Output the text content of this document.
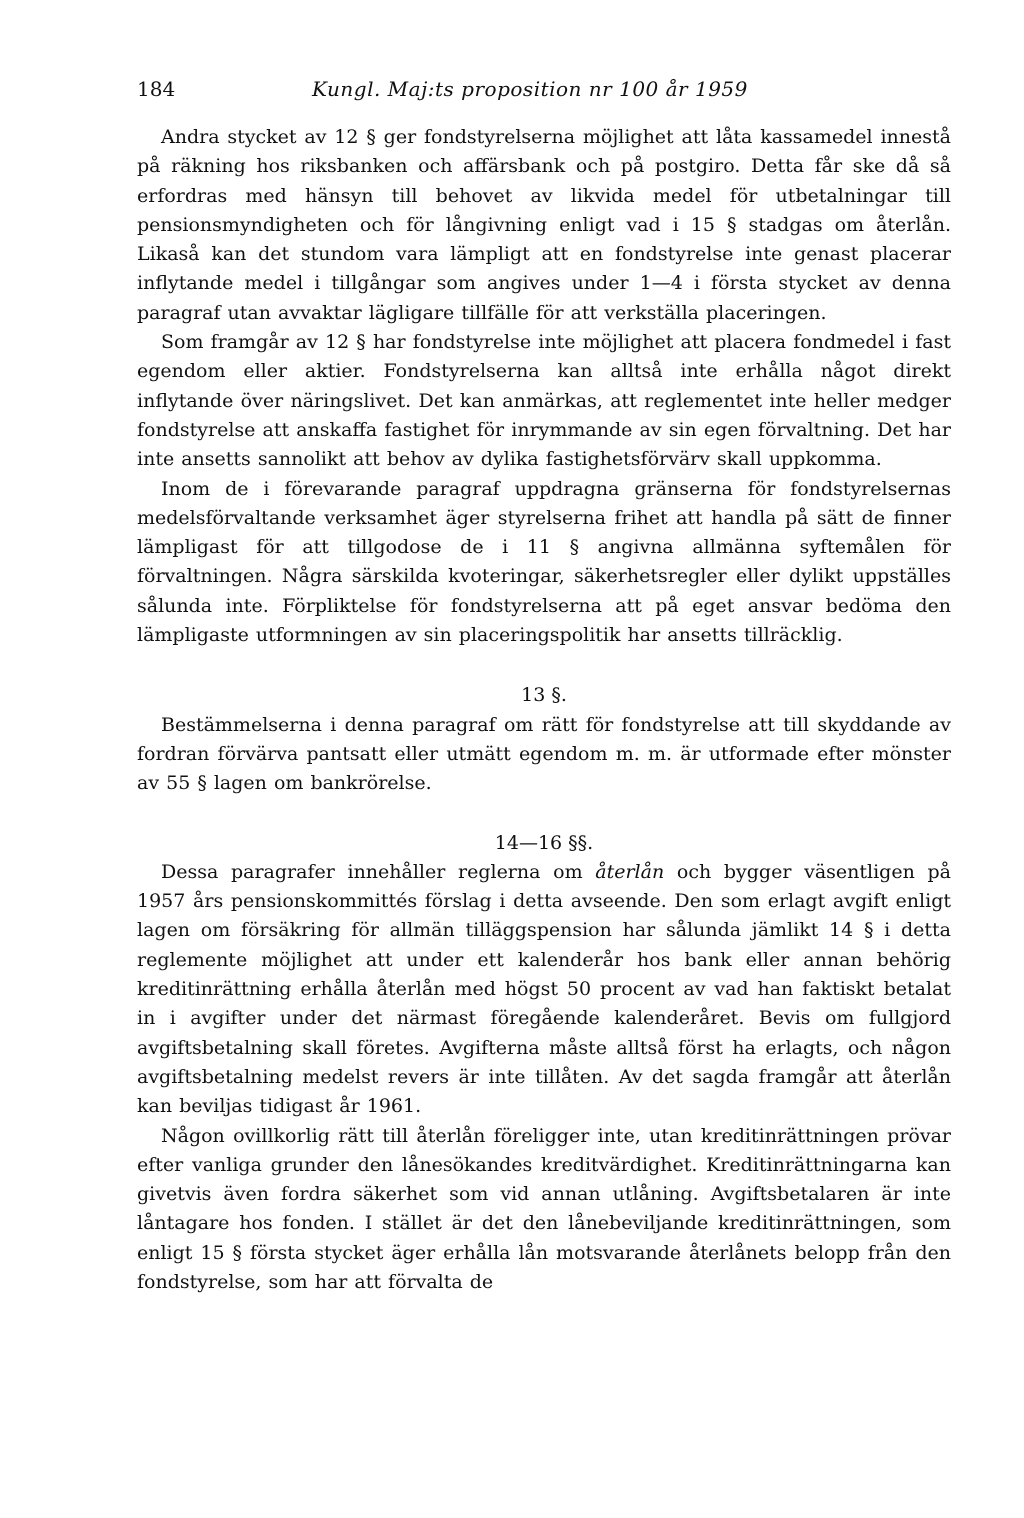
184	Kungl. Maj:ts proposition nr 100 år 1959

Andra stycket av 12 § ger fondstyrelserna möjlighet att låta kassamedel innestå på räkning hos riksbanken och affärsbank och på postgiro. Detta får ske då så erfordras med hänsyn till behovet av likvida medel för utbetalningar till pensionsmyndigheten och för långivning enligt vad i 15 § stadgas om återlån. Likaså kan det stundom vara lämpligt att en fondstyrelse inte genast placerar inflytande medel i tillgångar som angives under 1—4 i första stycket av denna paragraf utan avvaktar lägligare tillfälle för att verkställa placeringen.

Som framgår av 12 § har fondstyrelse inte möjlighet att placera fondmedel i fast egendom eller aktier. Fondstyrelserna kan alltså inte erhålla något direkt inflytande över näringslivet. Det kan anmärkas, att reglementet inte heller medger fondstyrelse att anskaffa fastighet för inrymmande av sin egen förvaltning. Det har inte ansetts sannolikt att behov av dylika fastighetsförvärv skall uppkomma.

Inom de i förevarande paragraf uppdragna gränserna för fondstyrelsernas medelsförvaltande verksamhet äger styrelserna frihet att handla på sätt de finner lämpligast för att tillgodose de i 11 § angivna allmänna syftemålen för förvaltningen. Några särskilda kvoteringar, säkerhetsregler eller dylikt uppställes sålunda inte. Förpliktelse för fondstyrelserna att på eget ansvar bedöma den lämpligaste utformningen av sin placeringspolitik har ansetts tillräcklig.

13 §.

Bestämmelserna i denna paragraf om rätt för fondstyrelse att till skyddande av fordran förvärva pantsatt eller utmätt egendom m. m. är utformade efter mönster av 55 § lagen om bankrörelse.

14—16 §§.

Dessa paragrafer innehåller reglerna om återlån och bygger väsentligen på 1957 års pensionskommittés förslag i detta avseende. Den som erlagt avgift enligt lagen om försäkring för allmän tilläggspension har sålunda jämlikt 14 § i detta reglemente möjlighet att under ett kalenderår hos bank eller annan behörig kreditinrättning erhålla återlån med högst 50 procent av vad han faktiskt betalat in i avgifter under det närmast föregående kalenderåret. Bevis om fullgjord avgiftsbetalning skall företes. Avgifterna måste alltså först ha erlagts, och någon avgiftsbetalning medelst revers är inte tillåten. Av det sagda framgår att återlån kan beviljas tidigast år 1961.

Någon ovillkorlig rätt till återlån föreligger inte, utan kreditinrättningen prövar efter vanliga grunder den lånesökandes kreditvärdighet. Kreditinrättningarna kan givetvis även fordra säkerhet som vid annan utlåning. Avgiftsbetalaren är inte låntagare hos fonden. I stället är det den lånebeviljande kreditinrättningen, som enligt 15 § första stycket äger erhålla lån motsvarande återlånets belopp från den fondstyrelse, som har att förvalta de
